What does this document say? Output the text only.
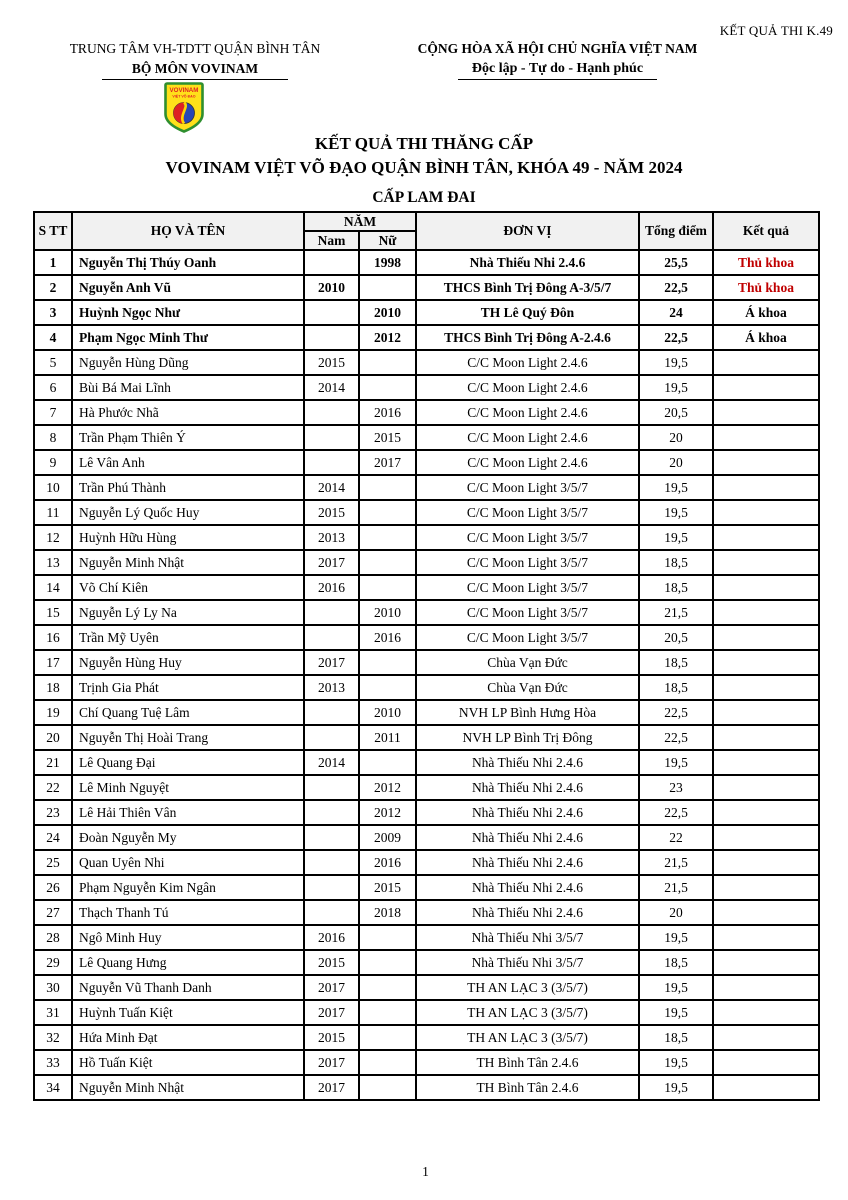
KẾT QUẢ THI K.49
TRUNG TÂM VH-TDTT QUẬN BÌNH TÂN
BỘ MÔN VOVINAM
CỘNG HÒA XÃ HỘI CHỦ NGHĨA VIỆT NAM
Độc lập - Tự do - Hạnh phúc
VOVINAM
VIỆT VÕ ĐẠO
KẾT QUẢ THI THĂNG CẤP
VOVINAM VIỆT VÕ ĐẠO QUẬN BÌNH TÂN, KHÓA 49 - NĂM 2024
CẤP LAM ĐAI
S TT	HỌ VÀ TÊN	NĂM		ĐƠN VỊ	Tổng điểm	Kết quả
		Nam	Nữ			
1	Nguyễn Thị Thúy Oanh		1998	Nhà Thiếu Nhi 2.4.6	25,5	Thủ khoa
2	Nguyễn Anh Vũ	2010		THCS Bình Trị Đông A-3/5/7	22,5	Thủ khoa
3	Huỳnh Ngọc Như		2010	TH Lê Quý Đôn	24	Á khoa
4	Phạm Ngọc Minh Thư		2012	THCS Bình Trị Đông A-2.4.6	22,5	Á khoa
5	Nguyễn Hùng Dũng	2015		C/C Moon Light 2.4.6	19,5	
6	Bùi Bá Mai Lĩnh	2014		C/C Moon Light 2.4.6	19,5	
7	Hà Phước Nhã		2016	C/C Moon Light 2.4.6	20,5	
8	Trần Phạm Thiên Ý		2015	C/C Moon Light 2.4.6	20	
9	Lê Vân Anh		2017	C/C Moon Light 2.4.6	20	
10	Trần Phú Thành	2014		C/C Moon Light 3/5/7	19,5	
11	Nguyễn Lý Quốc Huy	2015		C/C Moon Light 3/5/7	19,5	
12	Huỳnh Hữu Hùng	2013		C/C Moon Light 3/5/7	19,5	
13	Nguyễn Minh Nhật	2017		C/C Moon Light 3/5/7	18,5	
14	Võ Chí Kiên	2016		C/C Moon Light 3/5/7	18,5	
15	Nguyễn Lý Ly Na		2010	C/C Moon Light 3/5/7	21,5	
16	Trần Mỹ Uyên		2016	C/C Moon Light 3/5/7	20,5	
17	Nguyễn Hùng Huy	2017		Chùa Vạn Đức	18,5	
18	Trịnh Gia Phát	2013		Chùa Vạn Đức	18,5	
19	Chí Quang Tuệ Lâm		2010	NVH LP Bình Hưng Hòa	22,5	
20	Nguyễn Thị Hoài Trang		2011	NVH LP Bình Trị Đông	22,5	
21	Lê Quang Đại	2014		Nhà Thiếu Nhi 2.4.6	19,5	
22	Lê Minh Nguyệt		2012	Nhà Thiếu Nhi 2.4.6	23	
23	Lê Hải Thiên Vân		2012	Nhà Thiếu Nhi 2.4.6	22,5	
24	Đoàn Nguyễn My		2009	Nhà Thiếu Nhi 2.4.6	22	
25	Quan Uyên Nhi		2016	Nhà Thiếu Nhi 2.4.6	21,5	
26	Phạm Nguyễn Kim Ngân		2015	Nhà Thiếu Nhi 2.4.6	21,5	
27	Thạch Thanh Tú		2018	Nhà Thiếu Nhi 2.4.6	20	
28	Ngô Minh Huy	2016		Nhà Thiếu Nhi 3/5/7	19,5	
29	Lê Quang Hưng	2015		Nhà Thiếu Nhi 3/5/7	18,5	
30	Nguyễn Vũ Thanh Danh	2017		TH AN LẠC 3 (3/5/7)	19,5	
31	Huỳnh Tuấn Kiệt	2017		TH AN LẠC 3 (3/5/7)	19,5	
32	Hứa Minh Đạt	2015		TH AN LẠC 3 (3/5/7)	18,5	
33	Hồ Tuấn Kiệt	2017		TH Bình Tân 2.4.6	19,5	
34	Nguyễn Minh Nhật	2017		TH Bình Tân 2.4.6	19,5	
1
